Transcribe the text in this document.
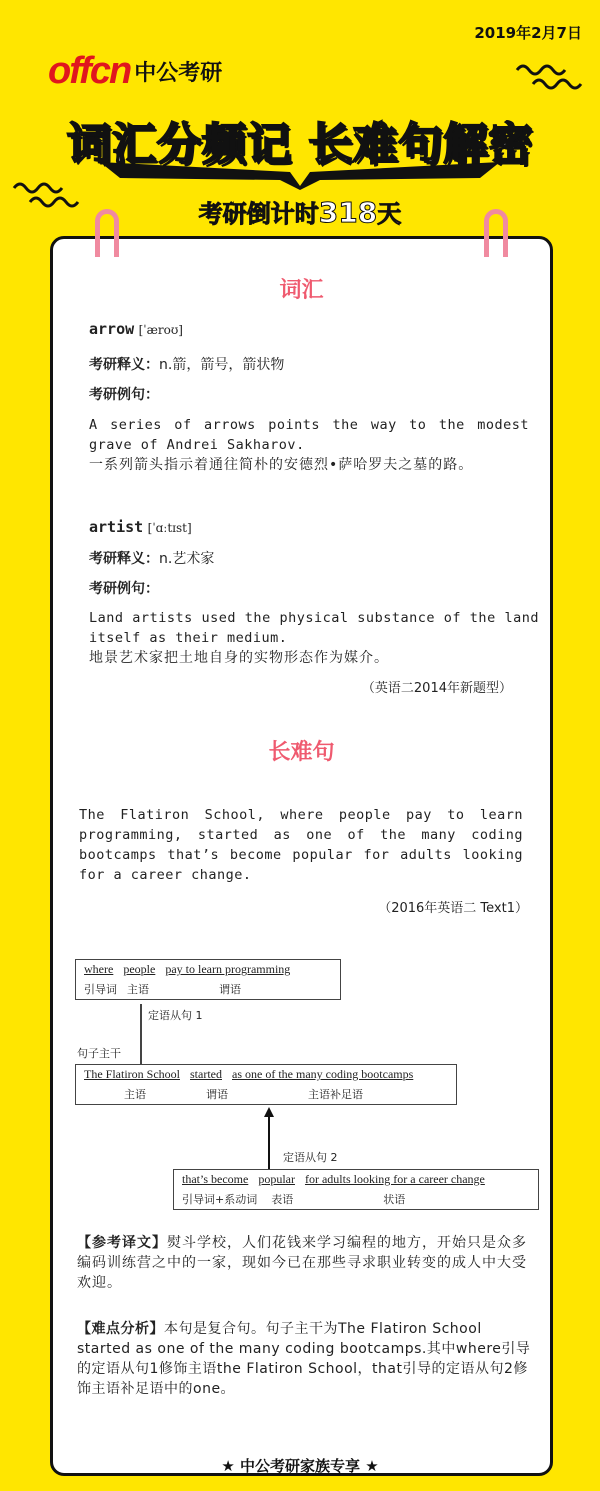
2019年2月7日
offcn 中公考研
词汇分频记 长难句解密
考研倒计时318天
词汇
arrow [ˈæroʊ]
考研释义：n.箭，箭号，箭状物
考研例句：
A series of arrows points the way to the modest grave of Andrei Sakharov.
一系列箭头指示着通往简朴的安德烈•萨哈罗夫之墓的路。
artist [ˈɑːtɪst]
考研释义：n.艺术家
考研例句：
Land artists used the physical substance of the land itself as their medium.
地景艺术家把土地自身的实物形态作为媒介。
（英语二2014年新题型）
长难句
The Flatiron School, where people pay to learn programming, started as one of the many coding bootcamps that’s become popular for adults looking for a career change.
（2016年英语二 Text1）
where people pay to learn programming
引导词 主语	谓语
定语从句 1
句子主干
The Flatiron School started as one of the many coding bootcamps
主语	谓语	主语补足语
定语从句 2
that’s become popular for adults looking for a career change
引导词+系动词 表语	状语
【参考译文】熨斗学校，人们花钱来学习编程的地方，开始只是众多编码训练营之中的一家，现如今已在那些寻求职业转变的成人中大受欢迎。
【难点分析】本句是复合句。句子主干为The Flatiron School started as one of the many coding bootcamps.其中where引导的定语从句1修饰主语the Flatiron School，that引导的定语从句2修饰主语补足语中的one。
★ 中公考研家族专享 ★
